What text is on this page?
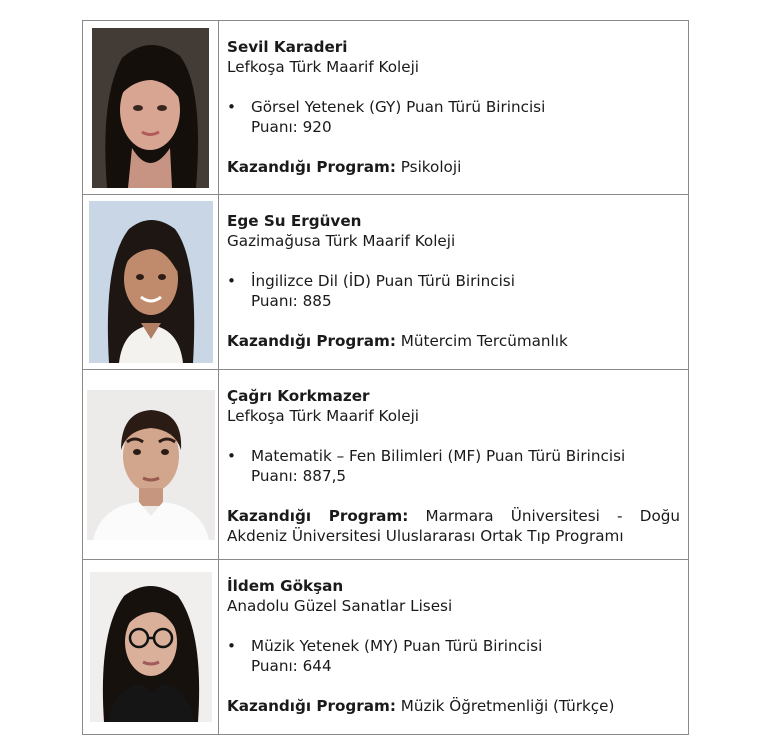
Sevil Karaderi
Lefkoşa Türk Maarif Koleji
• Görsel Yetenek (GY) Puan Türü Birincisi
Puanı: 920
Kazandığı Program: Psikoloji
Ege Su Ergüven
Gazimağusa Türk Maarif Koleji
• İngilizce Dil (İD) Puan Türü Birincisi
Puanı: 885
Kazandığı Program: Mütercim Tercümanlık
Çağrı Korkmazer
Lefkoşa Türk Maarif Koleji
• Matematik – Fen Bilimleri (MF) Puan Türü Birincisi
Puanı: 887,5
Kazandığı Program: Marmara Üniversitesi - Doğu Akdeniz Üniversitesi Uluslararası Ortak Tıp Programı
İldem Gökşan
Anadolu Güzel Sanatlar Lisesi
• Müzik Yetenek (MY) Puan Türü Birincisi
Puanı: 644
Kazandığı Program: Müzik Öğretmenliği (Türkçe)
